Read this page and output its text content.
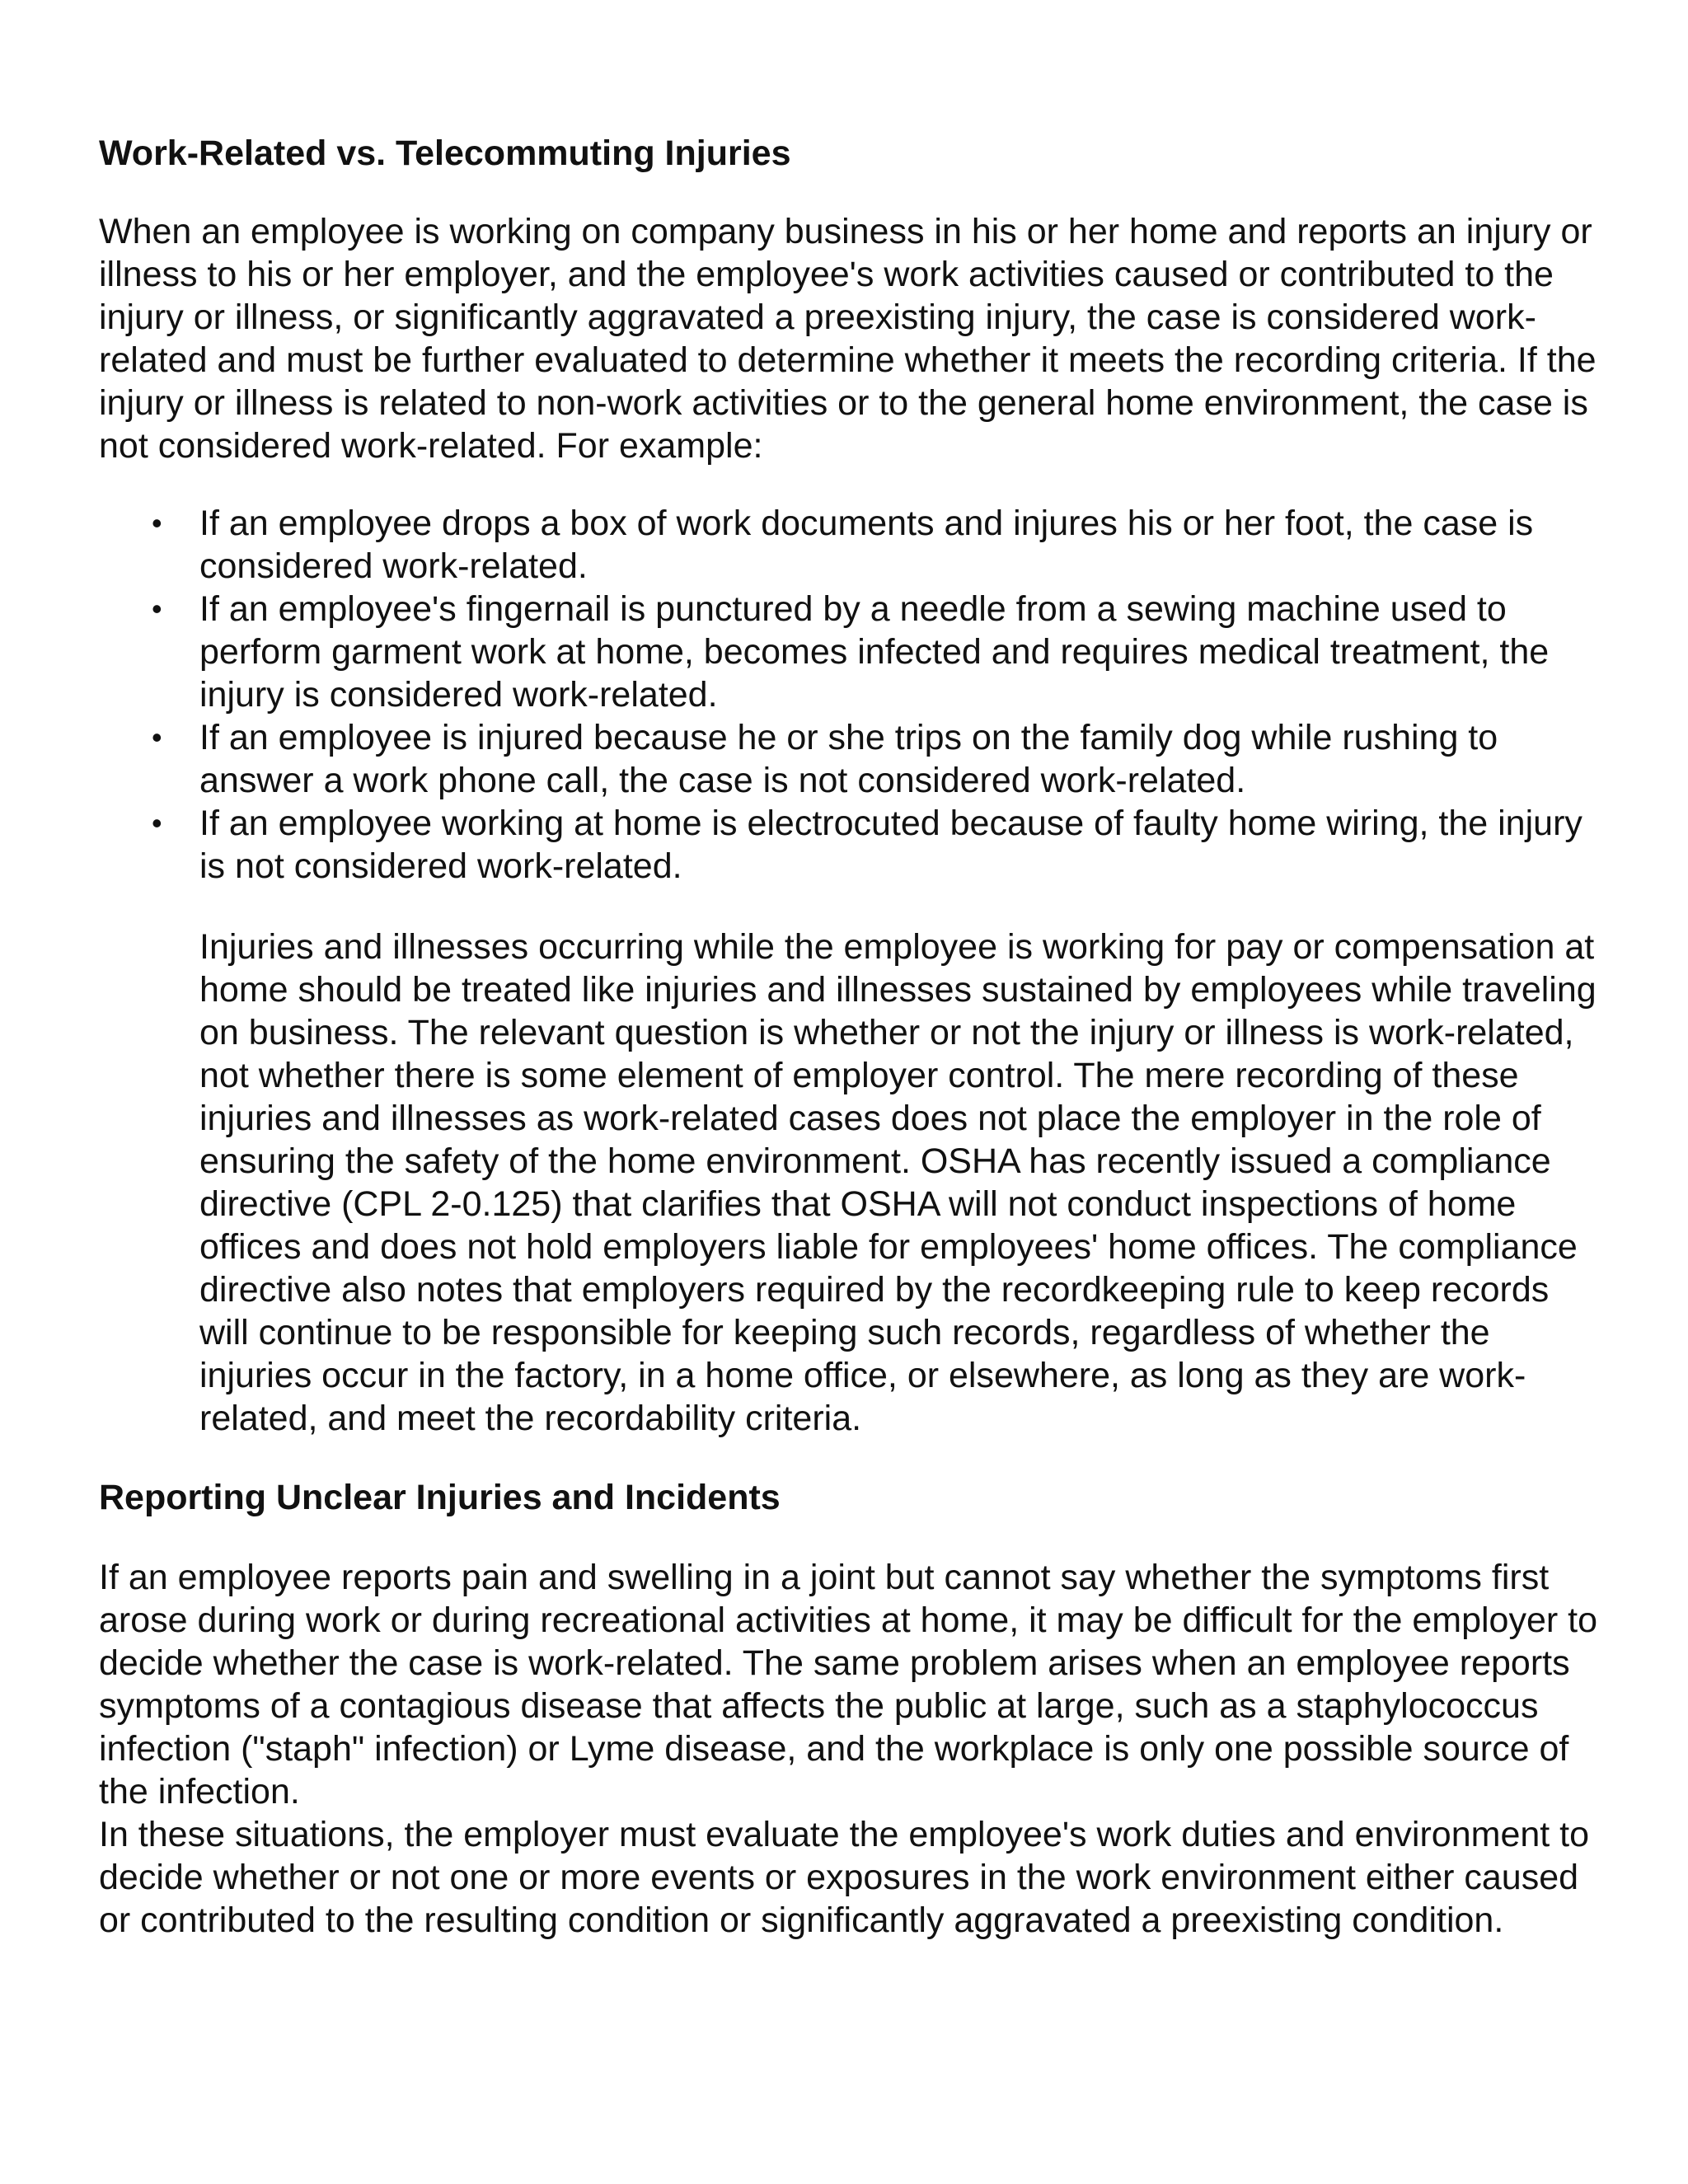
Work-Related vs. Telecommuting Injuries

When an employee is working on company business in his or her home and reports an injury or illness to his or her employer, and the employee's work activities caused or contributed to the injury or illness, or significantly aggravated a preexisting injury, the case is considered work-related and must be further evaluated to determine whether it meets the recording criteria. If the injury or illness is related to non-work activities or to the general home environment, the case is not considered work-related. For example:

• If an employee drops a box of work documents and injures his or her foot, the case is considered work-related.
• If an employee's fingernail is punctured by a needle from a sewing machine used to perform garment work at home, becomes infected and requires medical treatment, the injury is considered work-related.
• If an employee is injured because he or she trips on the family dog while rushing to answer a work phone call, the case is not considered work-related.
• If an employee working at home is electrocuted because of faulty home wiring, the injury is not considered work-related.

Injuries and illnesses occurring while the employee is working for pay or compensation at home should be treated like injuries and illnesses sustained by employees while traveling on business. The relevant question is whether or not the injury or illness is work-related, not whether there is some element of employer control. The mere recording of these injuries and illnesses as work-related cases does not place the employer in the role of ensuring the safety of the home environment. OSHA has recently issued a compliance directive (CPL 2-0.125) that clarifies that OSHA will not conduct inspections of home offices and does not hold employers liable for employees' home offices. The compliance directive also notes that employers required by the recordkeeping rule to keep records will continue to be responsible for keeping such records, regardless of whether the injuries occur in the factory, in a home office, or elsewhere, as long as they are work-related, and meet the recordability criteria.

Reporting Unclear Injuries and Incidents

If an employee reports pain and swelling in a joint but cannot say whether the symptoms first arose during work or during recreational activities at home, it may be difficult for the employer to decide whether the case is work-related. The same problem arises when an employee reports symptoms of a contagious disease that affects the public at large, such as a staphylococcus infection ("staph" infection) or Lyme disease, and the workplace is only one possible source of the infection.

In these situations, the employer must evaluate the employee's work duties and environment to decide whether or not one or more events or exposures in the work environment either caused or contributed to the resulting condition or significantly aggravated a preexisting condition.
